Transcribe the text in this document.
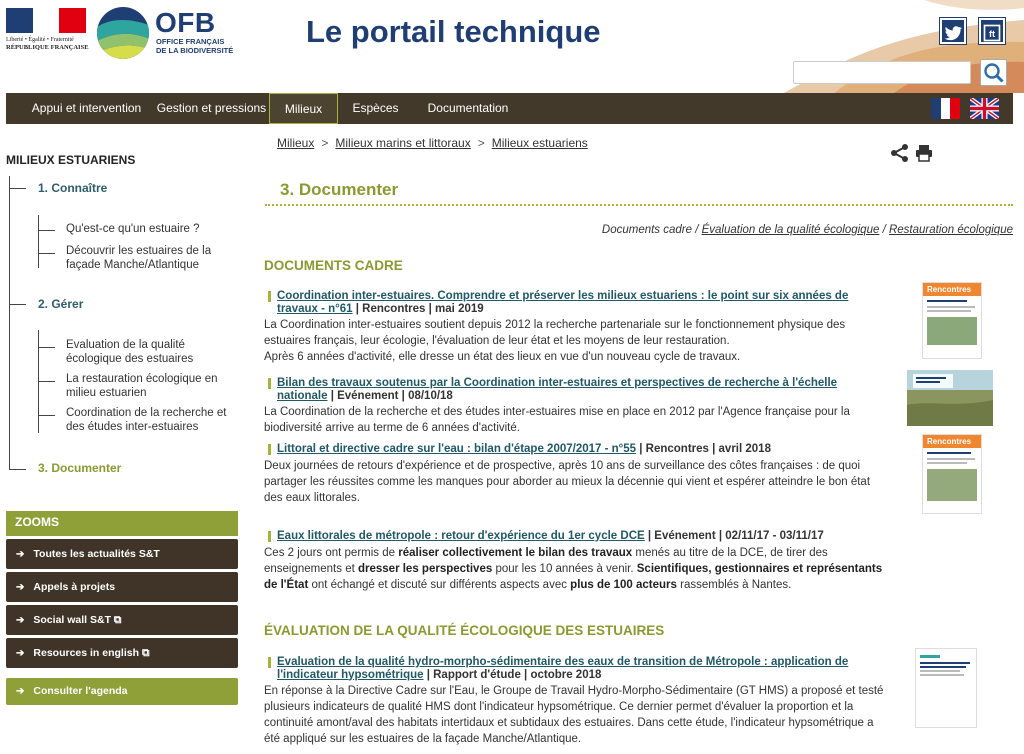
Liberté • Égalité • Fraternité
RÉPUBLIQUE FRANÇAISE
OFB
OFFICE FRANÇAIS
DE LA BIODIVERSITÉ
Le portail technique	ft
Appui et intervention	Gestion et pressions	Milieux	Espèces	Documentation
MILIEUX ESTUARIENS
1. Connaître
Qu'est-ce qu'un estuaire ?
Découvrir les estuaires de la façade Manche/Atlantique
2. Gérer
Evaluation de la qualité écologique des estuaires
La restauration écologique en milieu estuarien
Coordination de la recherche et des études inter-estuaires
3. Documenter
ZOOMS
➔ Toutes les actualités S&T
➔ Appels à projets
➔ Social wall S&T ⧉
➔ Resources in english ⧉
➔ Consulter l'agenda
Milieux > Milieux marins et littoraux > Milieux estuariens
3. Documenter
Documents cadre / Évaluation de la qualité écologique / Restauration écologique
DOCUMENTS CADRE
Coordination inter-estuaires. Comprendre et préserver les milieux estuariens : le point sur six années de travaux - n°61 | Rencontres | mai 2019
La Coordination inter-estuaires soutient depuis 2012 la recherche partenariale sur le fonctionnement physique des estuaires français, leur écologie, l'évaluation de leur état et les moyens de leur restauration.
Après 6 années d'activité, elle dresse un état des lieux en vue d'un nouveau cycle de travaux.
Rencontres
Bilan des travaux soutenus par la Coordination inter-estuaires et perspectives de recherche à l'échelle nationale | Evénement | 08/10/18
La Coordination de la recherche et des études inter-estuaires mise en place en 2012 par l'Agence française pour la biodiversité arrive au terme de 6 années d'activité.
Littoral et directive cadre sur l'eau : bilan d'étape 2007/2017 - n°55 | Rencontres | avril 2018
Deux journées de retours d'expérience et de prospective, après 10 ans de surveillance des côtes françaises : de quoi partager les réussites comme les manques pour aborder au mieux la décennie qui vient et espérer atteindre le bon état des eaux littorales.
Rencontres
Eaux littorales de métropole : retour d'expérience du 1er cycle DCE | Evénement | 02/11/17 - 03/11/17
Ces 2 jours ont permis de réaliser collectivement le bilan des travaux menés au titre de la DCE, de tirer des enseignements et dresser les perspectives pour les 10 années à venir. Scientifiques, gestionnaires et représentants de l'État ont échangé et discuté sur différents aspects avec plus de 100 acteurs rassemblés à Nantes.
ÉVALUATION DE LA QUALITÉ ÉCOLOGIQUE DES ESTUAIRES
Evaluation de la qualité hydro-morpho-sédimentaire des eaux de transition de Métropole : application de l'indicateur hypsométrique | Rapport d'étude | octobre 2018
En réponse à la Directive Cadre sur l'Eau, le Groupe de Travail Hydro-Morpho-Sédimentaire (GT HMS) a proposé et testé plusieurs indicateurs de qualité HMS dont l'indicateur hypsométrique. Ce dernier permet d'évaluer la proportion et la continuité amont/aval des habitats intertidaux et subtidaux des estuaires. Dans cette étude, l'indicateur hypsométrique a été appliqué sur les estuaires de la façade Manche/Atlantique.
